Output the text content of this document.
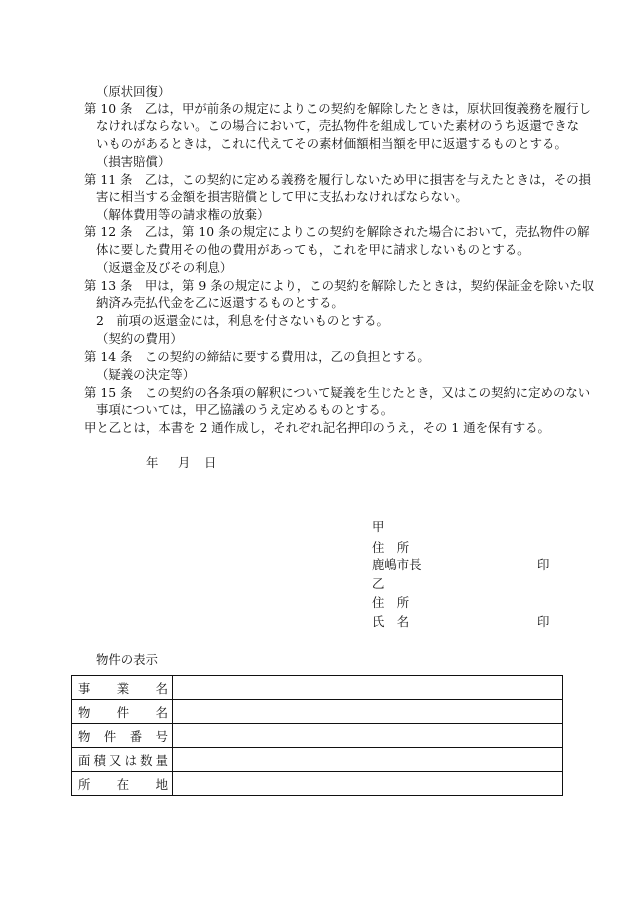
（原状回復）

第 10 条　乙は，甲が前条の規定によりこの契約を解除したときは，原状回復義務を履行し

なければならない。この場合において，売払物件を組成していた素材のうち返還できな

いものがあるときは，これに代えてその素材価額相当額を甲に返還するものとする。

（損害賠償）

第 11 条　乙は，この契約に定める義務を履行しないため甲に損害を与えたときは，その損

害に相当する金額を損害賠償として甲に支払わなければならない。

（解体費用等の請求権の放棄）

第 12 条　乙は，第 10 条の規定によりこの契約を解除された場合において，売払物件の解

体に要した費用その他の費用があっても，これを甲に請求しないものとする。

（返還金及びその利息）

第 13 条　甲は，第 9 条の規定により，この契約を解除したときは，契約保証金を除いた収

納済み売払代金を乙に返還するものとする。

2　前項の返還金には，利息を付さないものとする。

（契約の費用）

第 14 条　この契約の締結に要する費用は，乙の負担とする。

（疑義の決定等）

第 15 条　この契約の各条項の解釈について疑義を生じたとき，又はこの契約に定めのない

事項については，甲乙協議のうえ定めるものとする。

甲と乙とは，本書を 2 通作成し，それぞれ記名押印のうえ，その 1 通を保有する。

年 月 日
甲
住　所
鹿嶋市長	印
乙
住　所
氏　名	印

物件の表示

事業名	

物件名	

物件番号	

面積又は数量	

所在地	
